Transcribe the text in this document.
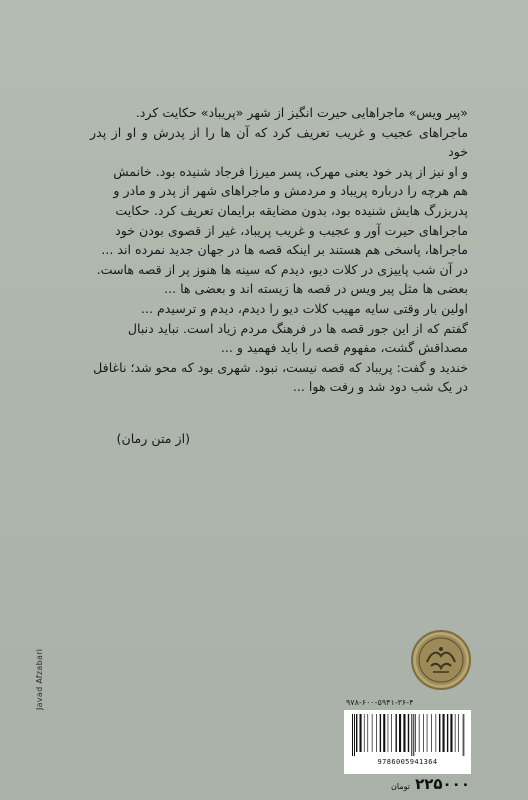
«پیر ویس» ماجراهایی حیرت انگیز از شهر «پریباد» حکایت کرد.

ماجراهای عجیب و غریب تعریف کرد که آن ها را از پدرش و او از پدر خود

و او نیز از پدر خود یعنی مهرک، پسر میرزا فرجاد شنیده بود. خانمش

هم هرچه را درباره پریباد و مردمش و ماجراهای شهر از پدر و مادر و

پدربزرگ هایش شنیده بود، بدون مضایقه برایمان تعریف کرد. حکایت

ماجراهای حیرت آور و عجیب و غریب پریباد، غیر از قصوی بودن خود

ماجراها، پاسخی هم هستند بر اینکه قصه ها در جهان جدید نمرده اند ...

در آن شب پاییزی در کلات دیو، دیدم که سینه ها هنوز پر از قصه هاست.

بعضی ها مثل پیر ویس در قصه ها زیسته اند و بعضی ها ...

اولین بار وقتی سایه مهیب کلات دیو را دیدم، دیدم و ترسیدم ...

گفتم که از این جور قصه ها در فرهنگ مردم زیاد است. نباید دنبال

مصداقش گشت، مفهوم قصه را باید فهمید و ...

خندید و گفت: پریباد که قصه نیست، نبود. شهری بود که محو شد؛ ناغافل

در یک شب دود شد و رفت هوا ...

(از متن رمان)
Javad Afzabari	۹۷۸-۶۰۰-۵۹۴۱-۳۶-۴
9786005941364
۲۲۵۰۰۰ تومان
